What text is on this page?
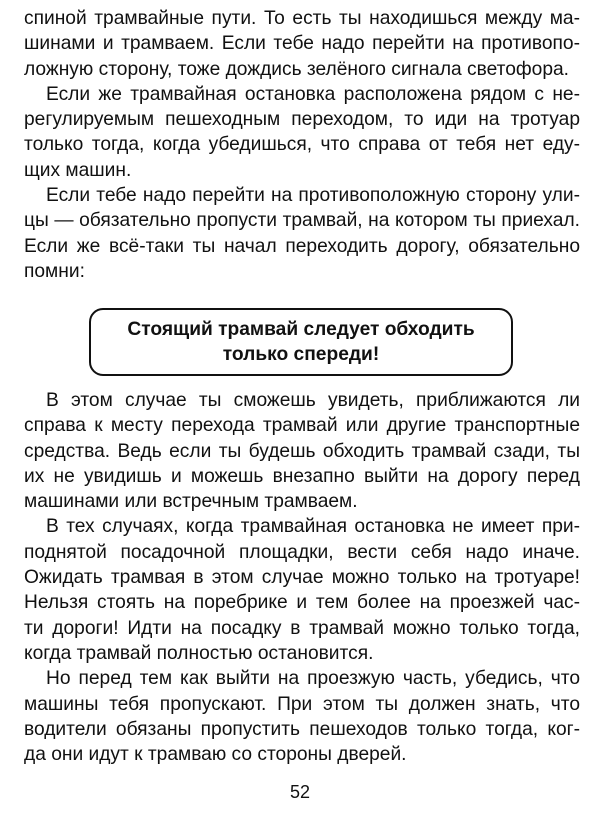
спиной трамвайные пути. То есть ты находишься между ма-
шинами и трамваем. Если тебе надо перейти на противопо-
ложную сторону, тоже дождись зелёного сигнала светофора.
Если же трамвайная остановка расположена рядом с не-
регулируемым пешеходным переходом, то иди на тротуар
только тогда, когда убедишься, что справа от тебя нет еду-
щих машин.
Если тебе надо перейти на противоположную сторону ули-
цы — обязательно пропусти трамвай, на котором ты приехал.
Если же всё-таки ты начал переходить дорогу, обязательно
помни:
Стоящий трамвай следует обходить
только спереди!
В этом случае ты сможешь увидеть, приближаются ли
справа к месту перехода трамвай или другие транспортные
средства. Ведь если ты будешь обходить трамвай сзади, ты
их не увидишь и можешь внезапно выйти на дорогу перед
машинами или встречным трамваем.
В тех случаях, когда трамвайная остановка не имеет при-
поднятой посадочной площадки, вести себя надо иначе.
Ожидать трамвая в этом случае можно только на тротуаре!
Нельзя стоять на поребрике и тем более на проезжей час-
ти дороги! Идти на посадку в трамвай можно только тогда,
когда трамвай полностью остановится.
Но перед тем как выйти на проезжую часть, убедись, что
машины тебя пропускают. При этом ты должен знать, что
водители обязаны пропустить пешеходов только тогда, ког-
да они идут к трамваю со стороны дверей.
52
